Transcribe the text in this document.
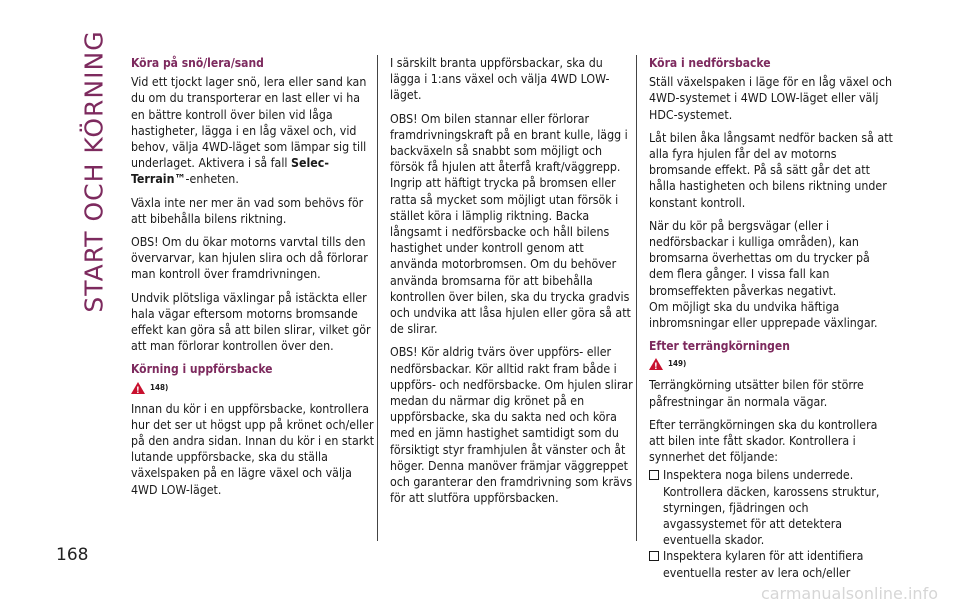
START OCH KÖRNING Köra på snö/lera/sand

Vid ett tjockt lager snö, lera eller sand kan du om du transporterar en last eller vi ha en bättre kontroll över bilen vid låga hastigheter, lägga i en låg växel och, vid behov, välja 4WD-läget som lämpar sig till underlaget. Aktivera i så fall Selec-Terrain™-enheten.

Växla inte ner mer än vad som behövs för att bibehålla bilens riktning.

OBS! Om du ökar motorns varvtal tills den övervarvar, kan hjulen slira och då förlorar man kontroll över framdrivningen.

Undvik plötsliga växlingar på istäckta eller hala vägar eftersom motorns bromsande effekt kan göra så att bilen slirar, vilket gör att man förlorar kontrollen över den.

Körning i uppförsbacke
!
148)

Innan du kör i en uppförsbacke, kontrollera hur det ser ut högst upp på krönet och/eller på den andra sidan. Innan du kör i en starkt lutande uppförsbacke, ska du ställa växelspaken på en lägre växel och välja 4WD LOW-läget.

I särskilt branta uppförsbackar, ska du lägga i 1:ans växel och välja 4WD LOW-läget.

OBS! Om bilen stannar eller förlorar framdrivningskraft på en brant kulle, lägg i backväxeln så snabbt som möjligt och försök få hjulen att återfå kraft/väggrepp. Ingrip att häftigt trycka på bromsen eller ratta så mycket som möjligt utan försök i stället köra i lämplig riktning. Backa långsamt i nedförsbacke och håll bilens hastighet under kontroll genom att använda motorbromsen. Om du behöver använda bromsarna för att bibehålla kontrollen över bilen, ska du trycka gradvis och undvika att låsa hjulen eller göra så att de slirar.

OBS! Kör aldrig tvärs över uppförs- eller nedförsbackar. Kör alltid rakt fram både i uppförs- och nedförsbacke. Om hjulen slirar medan du närmar dig krönet på en uppförsbacke, ska du sakta ned och köra med en jämn hastighet samtidigt som du försiktigt styr framhjulen åt vänster och åt höger. Denna manöver främjar väggreppet och garanterar den framdrivning som krävs för att slutföra uppförsbacken.

Köra i nedförsbacke

Ställ växelspaken i läge för en låg växel och 4WD-systemet i 4WD LOW-läget eller välj HDC-systemet.

Låt bilen åka långsamt nedför backen så att alla fyra hjulen får del av motorns bromsande effekt. På så sätt går det att hålla hastigheten och bilens riktning under konstant kontroll.

När du kör på bergsvägar (eller i nedförsbackar i kulliga områden), kan bromsarna överhettas om du trycker på dem flera gånger. I vissa fall kan bromseffekten påverkas negativt.

Om möjligt ska du undvika häftiga inbromsningar eller upprepade växlingar.

Efter terrängkörningen
!
149)

Terrängkörning utsätter bilen för större påfrestningar än normala vägar.

Efter terrängkörningen ska du kontrollera att bilen inte fått skador. Kontrollera i synnerhet det följande:

Inspektera noga bilens underrede. Kontrollera däcken, karossens struktur, styrningen, fjädringen och avgassystemet för att detektera eventuella skador.
Inspektera kylaren för att identifiera eventuella rester av lera och/eller
168
carmanualsonline.info
